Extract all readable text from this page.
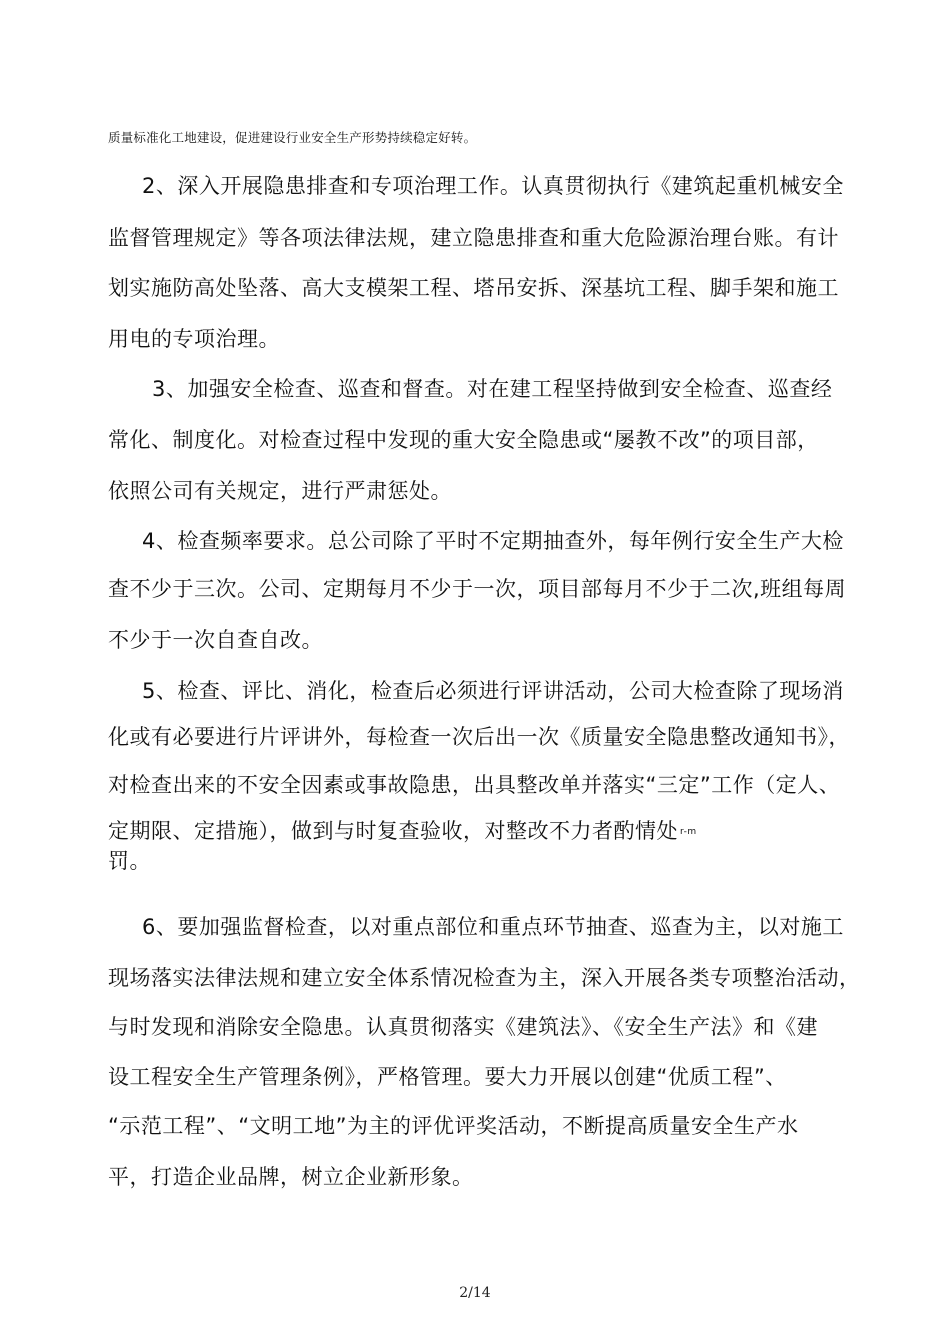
质量标准化工地建设，促进建设行业安全生产形势持续稳定好转。
2、深入开展隐患排查和专项治理工作。认真贯彻执行《建筑起重机械安全
监督管理规定》等各项法律法规，建立隐患排查和重大危险源治理台账。有计
划实施防高处坠落、高大支模架工程、塔吊安拆、深基坑工程、脚手架和施工
用电的专项治理。
3、加强安全检查、巡查和督查。对在建工程坚持做到安全检查、巡查经
常化、制度化。对检查过程中发现的重大安全隐患或“屡教不改”的项目部，
依照公司有关规定，进行严肃惩处。
4、检查频率要求。总公司除了平时不定期抽查外，每年例行安全生产大检
查不少于三次。公司、定期每月不少于一次，项目部每月不少于二次,班组每周
不少于一次自查自改。
5、检查、评比、消化，检查后必须进行评讲活动，公司大检查除了现场消
化或有必要进行片评讲外，每检查一次后出一次《质量安全隐患整改通知书》，
对检查出来的不安全因素或事故隐患，出具整改单并落实“三定”工作（定人、
定期限、定措施），做到与时复查验收，对整改不力者酌情处 r-m
罚。
6、要加强监督检查，以对重点部位和重点环节抽查、巡查为主，以对施工
现场落实法律法规和建立安全体系情况检查为主，深入开展各类专项整治活动，
与时发现和消除安全隐患。认真贯彻落实《建筑法》、《安全生产法》和《建
设工程安全生产管理条例》，严格管理。要大力开展以创建“优质工程”、
“示范工程”、“文明工地”为主的评优评奖活动，不断提高质量安全生产水
平，打造企业品牌，树立企业新形象。
2/14
